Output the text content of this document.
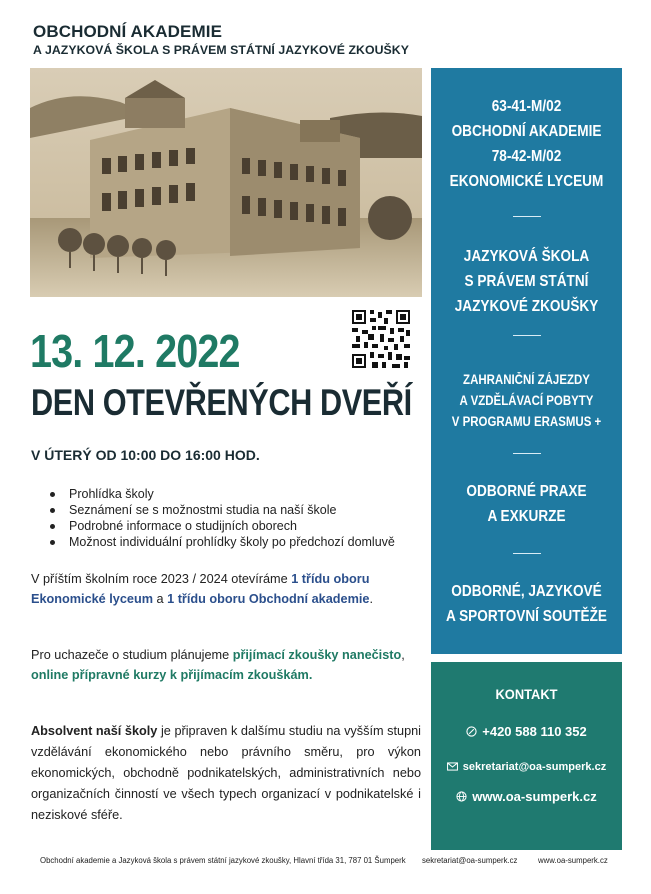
OBCHODNÍ AKADEMIE
A JAZYKOVÁ ŠKOLA S PRÁVEM STÁTNÍ JAZYKOVÉ ZKOUŠKY
13. 12. 2022
DEN OTEVŘENÝCH DVEŘÍ
V ÚTERÝ OD 10:00 DO 16:00 HOD.
Prohlídka školy
Seznámení se s možnostmi studia na naší škole
Podrobné informace o studijních oborech
Možnost individuální prohlídky školy po předchozí domluvě

V příštím školním roce 2023 / 2024 otevíráme 1 třídu oboru Ekonomické lyceum a 1 třídu oboru Obchodní akademie.

Pro uchazeče o studium plánujeme přijímací zkoušky nanečisto, online přípravné kurzy k přijímacím zkouškám.

Absolvent naší školy je připraven k dalšímu studiu na vyšším stupni vzdělávání ekonomického nebo právního směru, pro výkon ekonomických, obchodně podnikatelských, administrativních nebo organizačních činností ve všech typech organizací v podnikatelské i neziskové sféře.

63-41-M/02
OBCHODNÍ AKADEMIE
78-42-M/02
EKONOMICKÉ LYCEUM
JAZYKOVÁ ŠKOLA
S PRÁVEM STÁTNÍ
JAZYKOVÉ ZKOUŠKY
ZAHRANIČNÍ ZÁJEZDY
A VZDĚLÁVACÍ POBYTY
V PROGRAMU ERASMUS +
ODBORNÉ PRAXE
A EXKURZE
ODBORNÉ, JAZYKOVÉ
A SPORTOVNÍ SOUTĚŽE
KONTAKT
+420 588 110 352
sekretariat@oa-sumperk.cz
www.oa-sumperk.cz
Obchodní akademie a Jazyková škola s právem státní jazykové zkoušky, Hlavní třída 31, 787 01 Šumperk sekretariat@oa-sumperk.cz	www.oa-sumperk.cz
